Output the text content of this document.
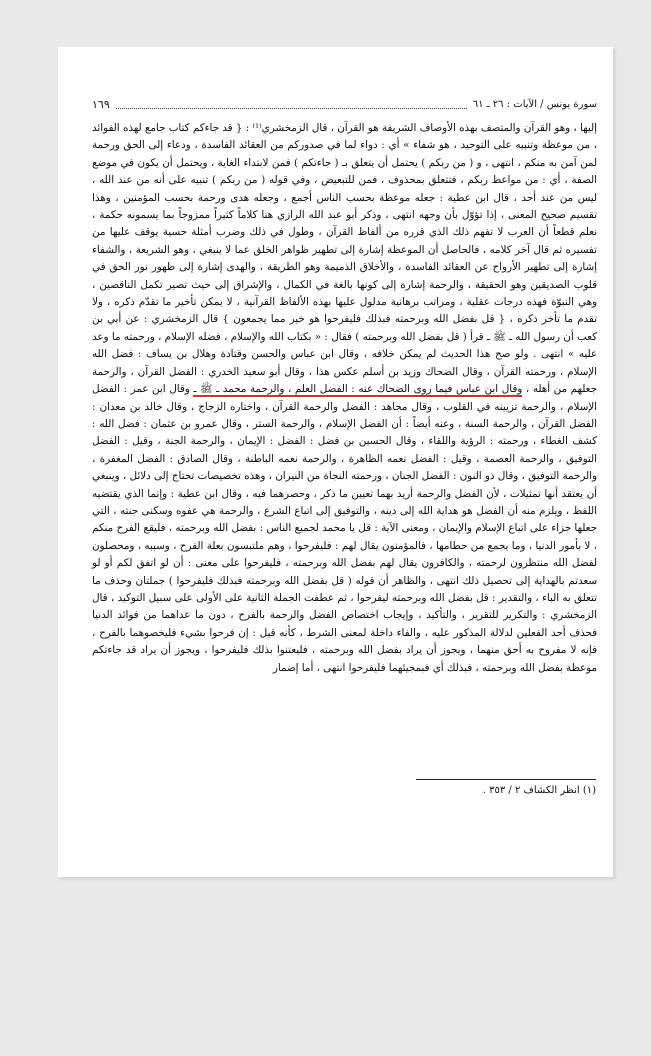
سورة يونس / الآيات : ٢٦ ـ ٦١
١٦٩

إليها ، وهو القرآن والمتصف بهذه الأوصاف الشريفة هو القرآن ، قال الزمخشري⁽¹⁾ : { قد جاءكم كتاب جامع لهذه الفوائد ، من موعظة وتنبيه على التوحيد ، هو شفاء » أي : دواء لما في صدوركم من العقائد الفاسدة ، ودعاء إلى الحق ورحمة لمن آمن به منكم ، انتهى ، و ( من ربكم ) يحتمل أن يتعلق بـ ( جاءتكم ) فمن لابتداء الغاية ، ويحتمل أن يكون في موضع الصفة ، أي : من مواعظ ربكم ، فتتعلق بمحذوف ، فمن للتبعيض ، وفي قوله ( من ربكم ) تنبيه على أنه من عند الله ، ليس من عند أحد ، قال ابن عطية : جعله موعظة بحسب الناس أجمع ، وجعله هدى ورحمة بحسب المؤمنين ، وهذا تقسيم صحيح المعنى ، إذا تؤوّل بأن وجهه انتهى ، وذكر أبو عبد الله الرازي هنا كلاماً كثيراً ممزوجاً بما يسمونه حكمة ، نعلم قطعاً أن العرب لا تفهم ذلك الذي قرره من ألفاظ القرآن ، وطول في ذلك وضرب أمثلة حسية يوقف عليها من تفسيره ثم قال آخر كلامه ، فالحاصل أن الموعظة إشارة إلى تطهير ظواهر الخلق عما لا ينبغي ، وهو الشريعة ، والشفاء إشارة إلى تطهير الأرواح عن العقائد الفاسدة ، والأخلاق الذميمة وهو الطريقة ، والهدى إشارة إلى ظهور نور الحق في قلوب الصديقين وهو الحقيقة ، والرحمة إشارة إلى كونها بالغة في الكمال ، والإشراق إلى حيث تصير تكمل الناقصين ، وهي النبوّة فهذه درجات عقلية ، ومراتب برهانية مدلول عليها بهذه الألفاظ القرآنية ، لا يمكن تأخير ما تقدّم ذكره ، ولا تقدم ما تأخر ذكره ، { قل بفضل الله وبرحمته فبذلك فليفرحوا هو خير مما يجمعون } قال الزمخشري : عن أبي بن كعب أن رسول الله ـ ﷺ ـ قرأ ( قل بفضل الله وبرحمته ) فقال : « بكتاب الله والإسلام ، فضله الإسلام ، ورحمته ما وعد عليه » انتهى . ولو صح هذا الحديث لم يمكن خلافه ، وقال ابن عباس والحسن وقتادة وهلال بن يساف : فضل الله الإسلام ، ورحمته القرآن ، وقال الضحاك وزيد بن أسلم عكس هذا ، وقال أبو سعيد الخدري : الفضل القرآن ، والرحمة جعلهم من أهله ، وقال ابن عباس فيما روى الضحاك عنه : الفضل العلم ، والرحمة محمد ـ ﷺ ـ وقال ابن عمر : الفضل الإسلام ، والرحمة تزيينه في القلوب ، وقال مجاهد : الفضل والرحمة القرآن ، واختاره الزجاج ، وقال خالد بن معدان : الفضل القرآن ، والرحمة السنة ، وعنه أيضاً : أن الفضل الإسلام ، والرحمة الستر ، وقال عمرو بن عثمان : فضل الله : كشف الغطاء ، ورحمته : الرؤية واللقاء ، وقال الحسين بن فضل : الفضل : الإيمان ، والرحمة الجنة ، وقيل : الفضل التوفيق ، والرحمة العصمة ، وقيل : الفضل نعمه الظاهرة ، والرحمة نعمه الباطنة ، وقال الصادق : الفضل المغفرة ، والرحمة التوفيق ، وقال ذو النون : الفضل الجنان ، ورحمته النجاة من النيران ، وهذه تخصيصات تحتاج إلى دلائل ، وينبغي أن يعتقد أنها تمثيلات ، لأن الفضل والرحمة أريد بهما تعيين ما ذكر ، وحصرهما فيه ، وقال ابن عطية : وإنما الذي يقتضيه اللفظ ، ويلزم منه أن الفضل هو هداية الله إلى دينه ، والتوفيق إلى اتباع الشرع ، والرحمة هي عفوه وسكنى جنته ، التي جعلها جزاء على اتباع الإسلام والإيمان ، ومعنى الآية : قل يا محمد لجميع الناس : بفضل الله وبرحمته ، فليقع الفرح منكم ، لا بأمور الدنيا ، وما يجمع من حطامها ، فالمؤمنون يقال لهم : فليفرحوا ، وهم ملتبسون بعلة الفرح ، وسببه ، ومحصلون لفضل الله منتظرون لرحمته ، والكافرون يقال لهم بفضل الله وبرحمته ، فليفرحوا على معنى : أن لو اتفق لكم أو لو سعدتم بالهداية إلى تحصيل ذلك انتهى ، والظاهر أن قوله ( قل بفضل الله وبرحمته فبذلك فليفرحوا ) جملتان وحذف ما تتعلق به الباء ، والتقدير : قل بفضل الله وبرحمته ليفرحوا ، ثم عطفت الجملة الثانية على الأولى على سبيل التوكيد ، قال الزمخشري : والتكرير للتقرير ، والتأكيد ، وإيجاب اختصاص الفضل والرحمة بالفرح ، دون ما عداهما من فوائد الدنيا فحذف أحد الفعلين لدلالة المذكور عليه ، والفاء داخلة لمعنى الشرط ، كأنه قيل : إن فرحوا بشيء فليخصوهما بالفرح ، فإنه لا مفروح به أحق منهما ، ويجوز أن يراد بفضل الله وبرحمته ، فليعتنوا بذلك فليفرحوا ، ويجوز أن يراد قد جاءتكم موعظة بفضل الله وبرحمته ، فبذلك أي فبمجيئهما فليفرحوا انتهى ، أما إضمار

(١) انظر الكشاف ٢ / ٣٥٣ .
